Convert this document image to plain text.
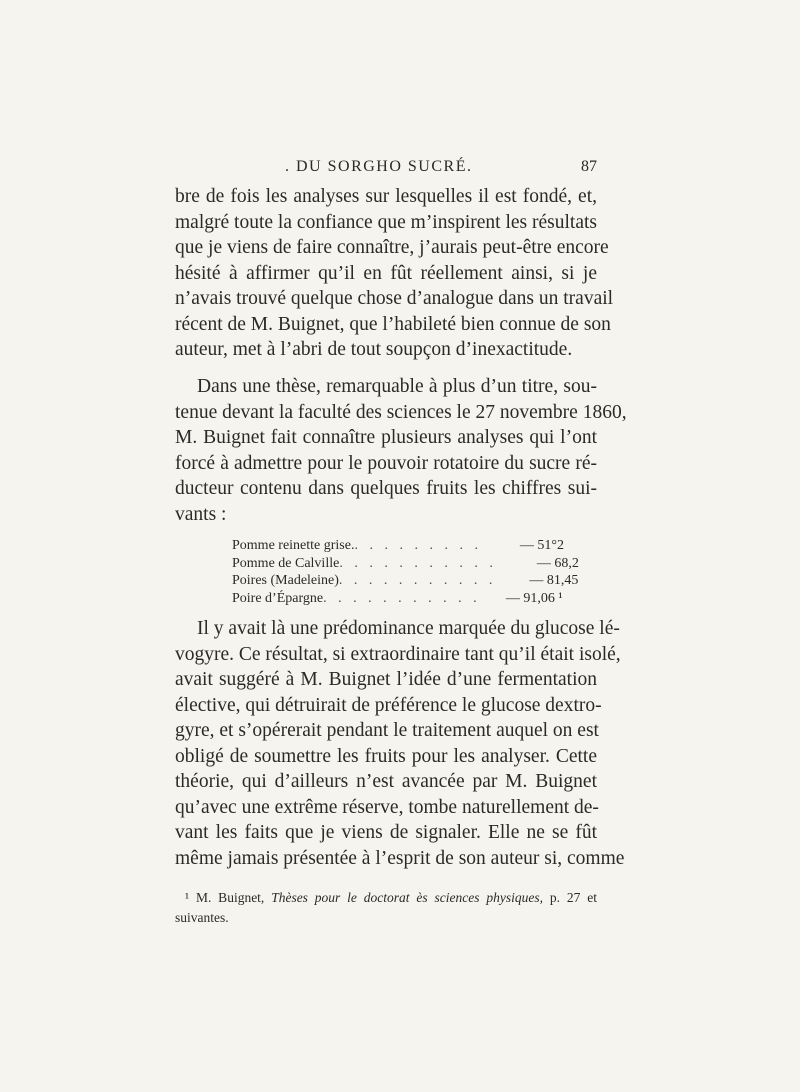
. DU SORGHO SUCRÉ.	87
bre de fois les analyses sur lesquelles il est fondé, et,
malgré toute la confiance que m’inspirent les résultats
que je viens de faire connaître, j’aurais peut-être encore
hésité à affirmer qu’il en fût réellement ainsi, si je
n’avais trouvé quelque chose d’analogue dans un travail
récent de M. Buignet, que l’habileté bien connue de son
auteur, met à l’abri de tout soupçon d’inexactitude.
Dans une thèse, remarquable à plus d’un titre, sou-
tenue devant la faculté des sciences le 27 novembre 1860,
M. Buignet fait connaître plusieurs analyses qui l’ont
forcé à admettre pour le pouvoir rotatoire du sucre ré-
ducteur contenu dans quelques fruits les chiffres sui-
vants :
Pomme reinette grise. . . . . . . . . .	— 51°2
Pomme de Calville . . . . . . . . . . .	— 68,2
Poires (Madeleine) . . . . . . . . . . .	— 81,45
Poire d’Épargne . . . . . . . . . . .	— 91,06 ¹
Il y avait là une prédominance marquée du glucose lé-
vogyre. Ce résultat, si extraordinaire tant qu’il était isolé,
avait suggéré à M. Buignet l’idée d’une fermentation
élective, qui détruirait de préférence le glucose dextro-
gyre, et s’opérerait pendant le traitement auquel on est
obligé de soumettre les fruits pour les analyser. Cette
théorie, qui d’ailleurs n’est avancée par M. Buignet
qu’avec une extrême réserve, tombe naturellement de-
vant les faits que je viens de signaler. Elle ne se fût
même jamais présentée à l’esprit de son auteur si, comme
¹ M. Buignet, Thèses pour le doctorat ès sciences physiques, p. 27 et
suivantes.
